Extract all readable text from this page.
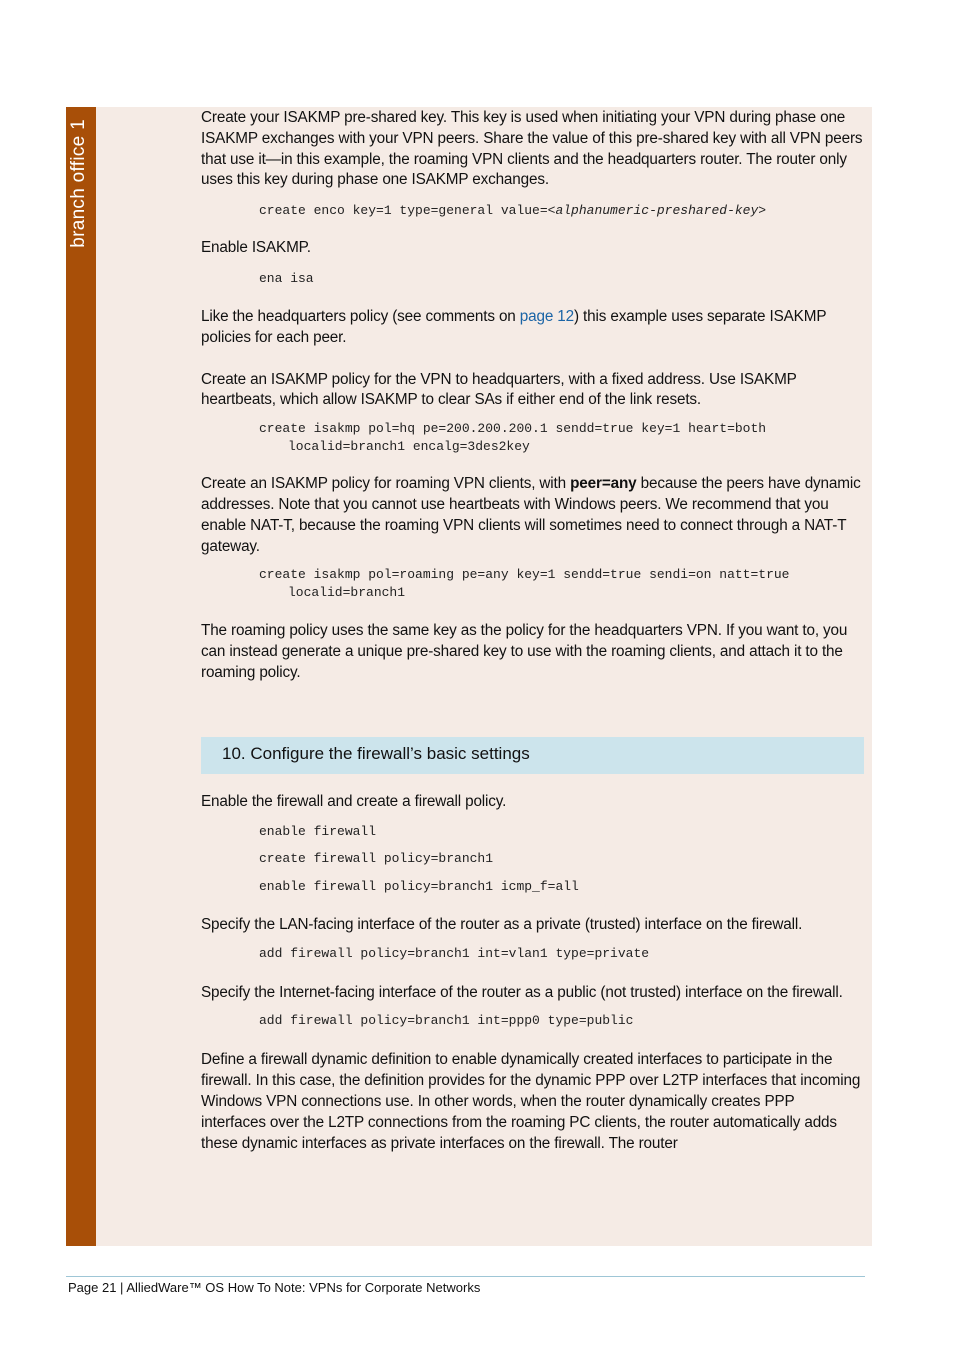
branch office 1

Create your ISAKMP pre-shared key. This key is used when initiating your VPN during phase one ISAKMP exchanges with your VPN peers. Share the value of this pre-shared key with all VPN peers that use it—in this example, the roaming VPN clients and the headquarters router. The router only uses this key during phase one ISAKMP exchanges.

create enco key=1 type=general value=<alphanumeric-preshared-key>

Enable ISAKMP.

ena isa

Like the headquarters policy (see comments on page 12) this example uses separate ISAKMP policies for each peer.

Create an ISAKMP policy for the VPN to headquarters, with a fixed address. Use ISAKMP heartbeats, which allow ISAKMP to clear SAs if either end of the link resets.

create isakmp pol=hq pe=200.200.200.1 sendd=true key=1 heart=both
localid=branch1 encalg=3des2key

Create an ISAKMP policy for roaming VPN clients, with peer=any because the peers have dynamic addresses. Note that you cannot use heartbeats with Windows peers. We recommend that you enable NAT-T, because the roaming VPN clients will sometimes need to connect through a NAT-T gateway.

create isakmp pol=roaming pe=any key=1 sendd=true sendi=on natt=true
localid=branch1

The roaming policy uses the same key as the policy for the headquarters VPN. If you want to, you can instead generate a unique pre-shared key to use with the roaming clients, and attach it to the roaming policy.

10. Configure the firewall’s basic settings

Enable the firewall and create a firewall policy.

enable firewall
create firewall policy=branch1
enable firewall policy=branch1 icmp_f=all

Specify the LAN-facing interface of the router as a private (trusted) interface on the firewall.

add firewall policy=branch1 int=vlan1 type=private

Specify the Internet-facing interface of the router as a public (not trusted) interface on the firewall.

add firewall policy=branch1 int=ppp0 type=public

Define a firewall dynamic definition to enable dynamically created interfaces to participate in the firewall. In this case, the definition provides for the dynamic PPP over L2TP interfaces that incoming Windows VPN connections use. In other words, when the router dynamically creates PPP interfaces over the L2TP connections from the roaming PC clients, the router automatically adds these dynamic interfaces as private interfaces on the firewall. The router

Page 21 | AlliedWare™ OS How To Note: VPNs for Corporate Networks
